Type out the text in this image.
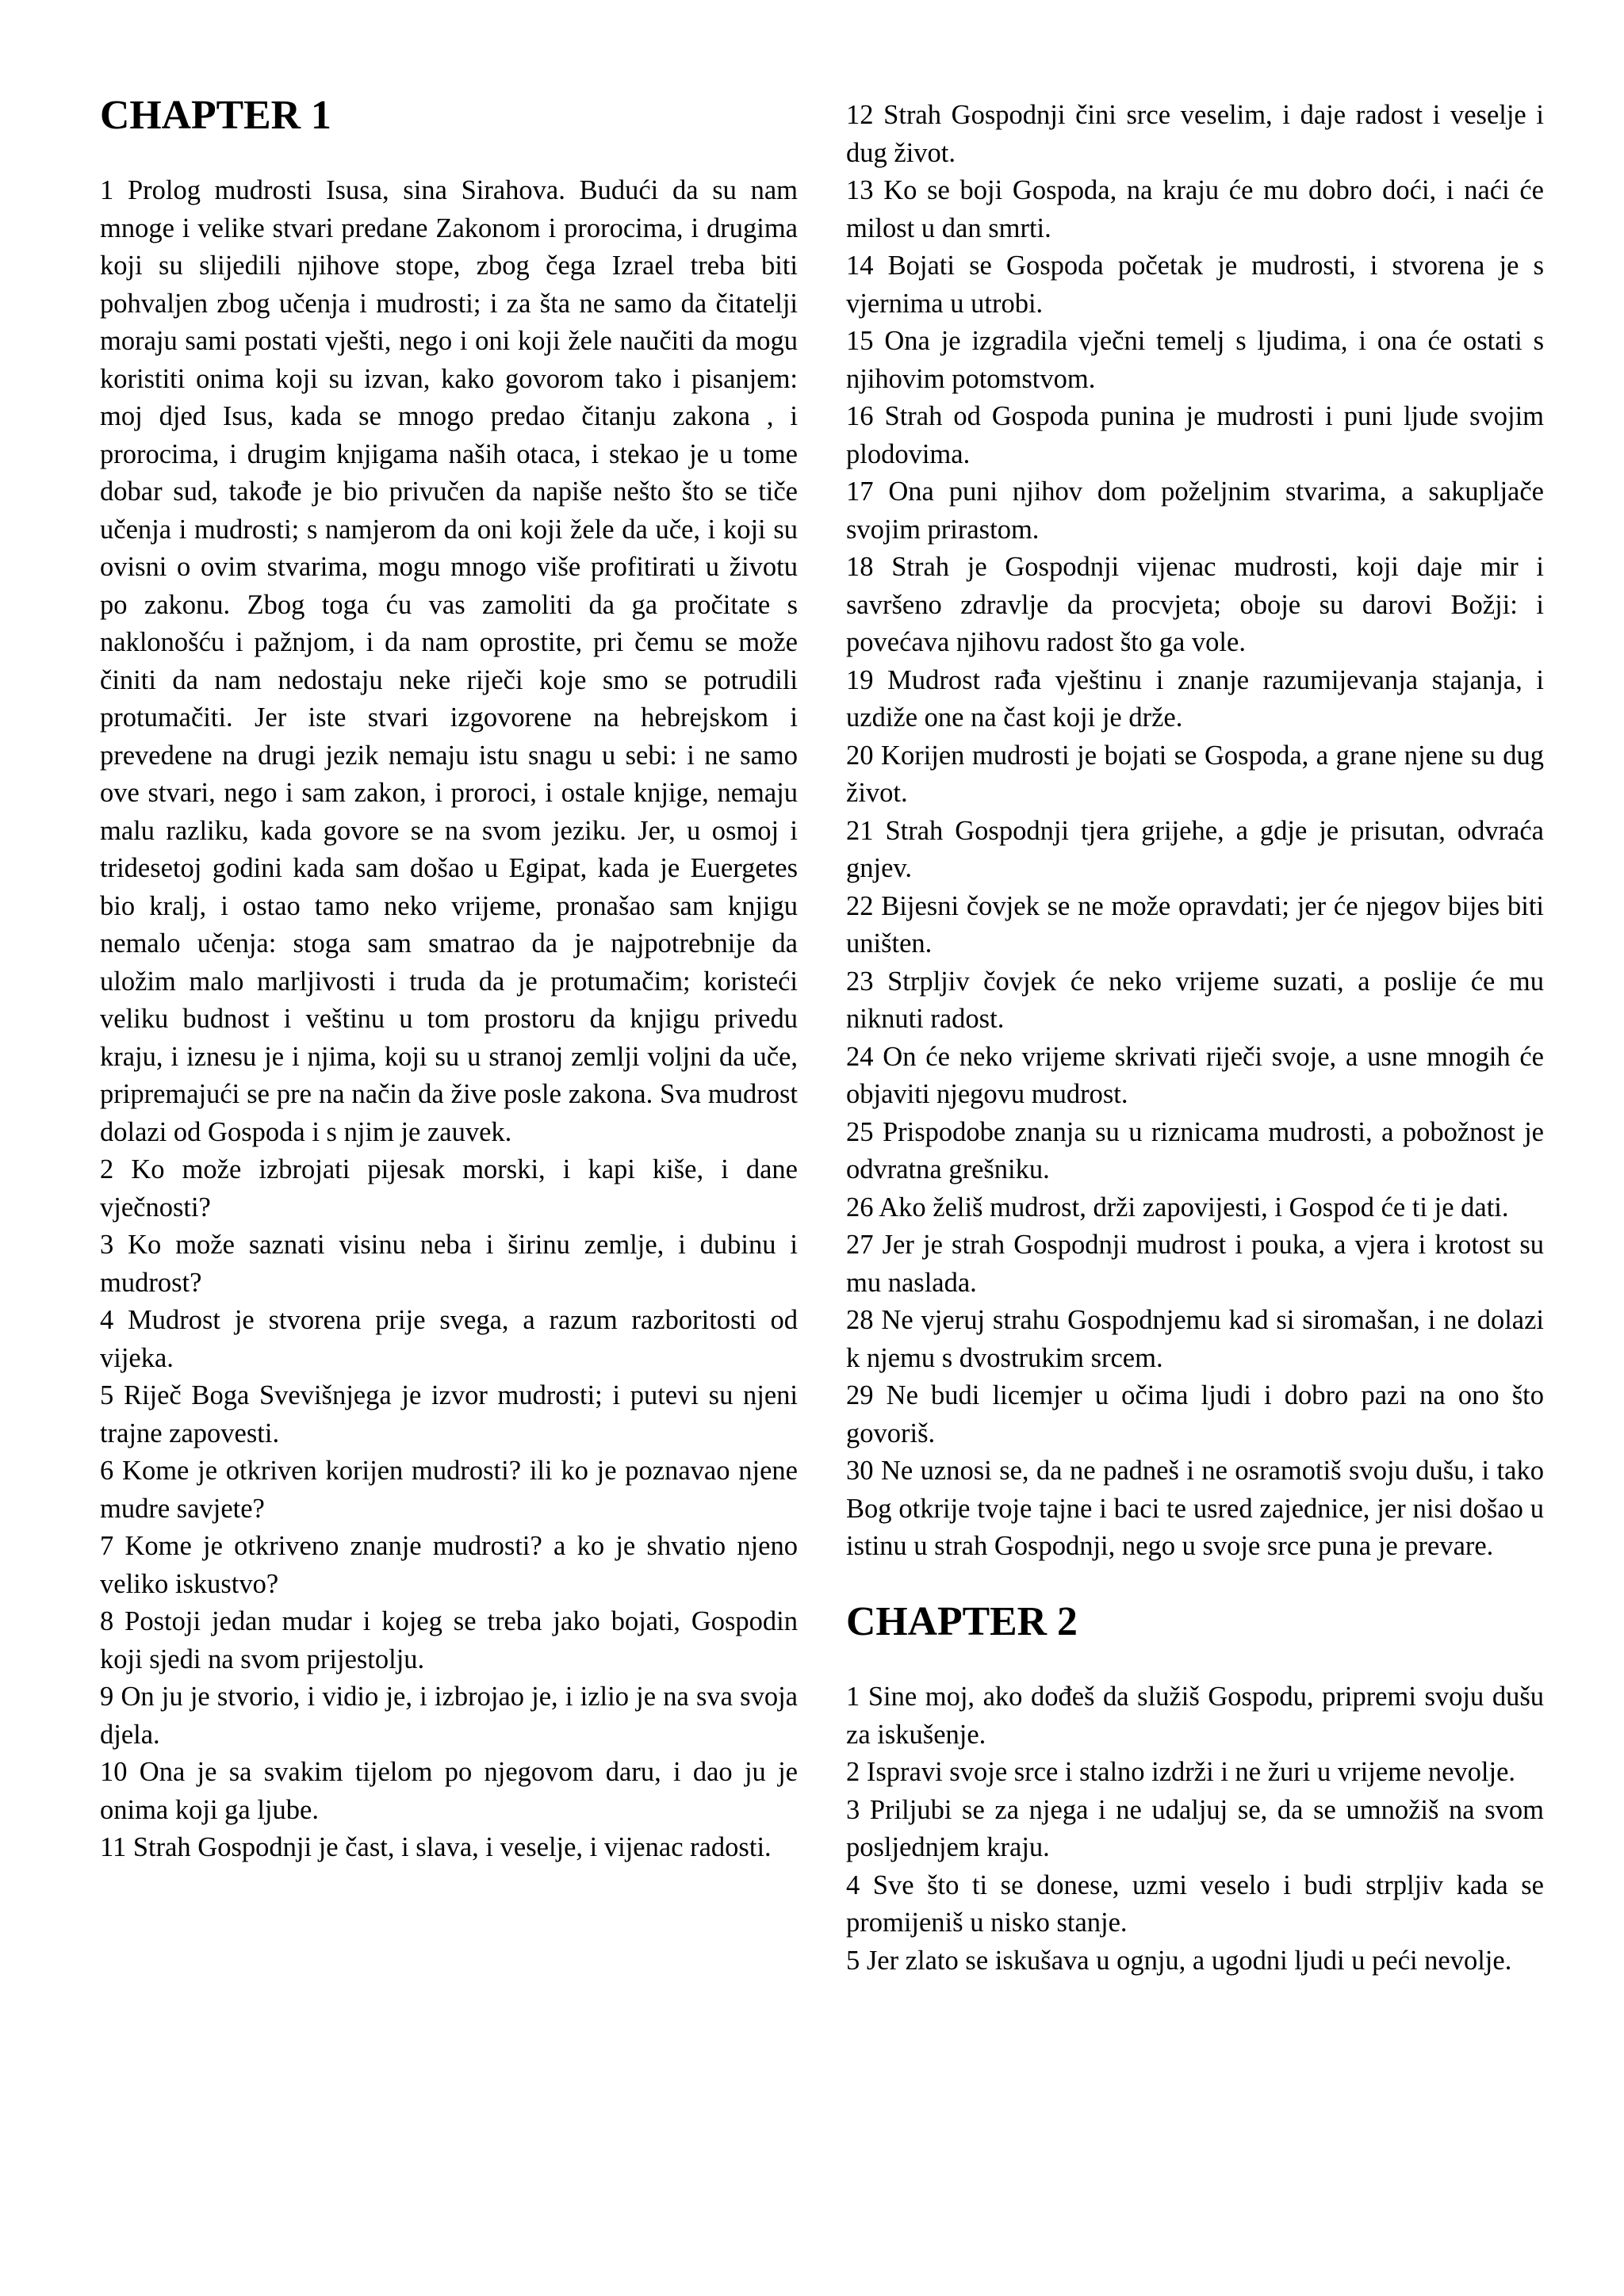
CHAPTER 1

1 Prolog mudrosti Isusa, sina Sirahova. Budući da su nam mnoge i velike stvari predane Zakonom i prorocima, i drugima koji su slijedili njihove stope, zbog čega Izrael treba biti pohvaljen zbog učenja i mudrosti; i za šta ne samo da čitatelji moraju sami postati vješti, nego i oni koji žele naučiti da mogu koristiti onima koji su izvan, kako govorom tako i pisanjem: moj djed Isus, kada se mnogo predao čitanju zakona , i prorocima, i drugim knjigama naših otaca, i stekao je u tome dobar sud, takođe je bio privučen da napiše nešto što se tiče učenja i mudrosti; s namjerom da oni koji žele da uče, i koji su ovisni o ovim stvarima, mogu mnogo više profitirati u životu po zakonu. Zbog toga ću vas zamoliti da ga pročitate s naklonošću i pažnjom, i da nam oprostite, pri čemu se može činiti da nam nedostaju neke riječi koje smo se potrudili protumačiti. Jer iste stvari izgovorene na hebrejskom i prevedene na drugi jezik nemaju istu snagu u sebi: i ne samo ove stvari, nego i sam zakon, i proroci, i ostale knjige, nemaju malu razliku, kada govore se na svom jeziku. Jer, u osmoj i tridesetoj godini kada sam došao u Egipat, kada je Euergetes bio kralj, i ostao tamo neko vrijeme, pronašao sam knjigu nemalo učenja: stoga sam smatrao da je najpotrebnije da uložim malo marljivosti i truda da je protumačim; koristeći veliku budnost i veštinu u tom prostoru da knjigu privedu kraju, i iznesu je i njima, koji su u stranoj zemlji voljni da uče, pripremajući se pre na način da žive posle zakona. Sva mudrost dolazi od Gospoda i s njim je zauvek.

2 Ko može izbrojati pijesak morski, i kapi kiše, i dane vječnosti?

3 Ko može saznati visinu neba i širinu zemlje, i dubinu i mudrost?

4 Mudrost je stvorena prije svega, a razum razboritosti od vijeka.

5 Riječ Boga Svevišnjega je izvor mudrosti; i putevi su njeni trajne zapovesti.

6 Kome je otkriven korijen mudrosti? ili ko je poznavao njene mudre savjete?

7 Kome je otkriveno znanje mudrosti? a ko je shvatio njeno veliko iskustvo?

8 Postoji jedan mudar i kojeg se treba jako bojati, Gospodin koji sjedi na svom prijestolju.

9 On ju je stvorio, i vidio je, i izbrojao je, i izlio je na sva svoja djela.

10 Ona je sa svakim tijelom po njegovom daru, i dao ju je onima koji ga ljube.

11 Strah Gospodnji je čast, i slava, i veselje, i vijenac radosti.

12 Strah Gospodnji čini srce veselim, i daje radost i veselje i dug život.

13 Ko se boji Gospoda, na kraju će mu dobro doći, i naći će milost u dan smrti.

14 Bojati se Gospoda početak je mudrosti, i stvorena je s vjernima u utrobi.

15 Ona je izgradila vječni temelj s ljudima, i ona će ostati s njihovim potomstvom.

16 Strah od Gospoda punina je mudrosti i puni ljude svojim plodovima.

17 Ona puni njihov dom poželjnim stvarima, a sakupljače svojim prirastom.

18 Strah je Gospodnji vijenac mudrosti, koji daje mir i savršeno zdravlje da procvjeta; oboje su darovi Božji: i povećava njihovu radost što ga vole.

19 Mudrost rađa vještinu i znanje razumijevanja stajanja, i uzdiže one na čast koji je drže.

20 Korijen mudrosti je bojati se Gospoda, a grane njene su dug život.

21 Strah Gospodnji tjera grijehe, a gdje je prisutan, odvraća gnjev.

22 Bijesni čovjek se ne može opravdati; jer će njegov bijes biti uništen.

23 Strpljiv čovjek će neko vrijeme suzati, a poslije će mu niknuti radost.

24 On će neko vrijeme skrivati riječi svoje, a usne mnogih će objaviti njegovu mudrost.

25 Prispodobe znanja su u riznicama mudrosti, a pobožnost je odvratna grešniku.

26 Ako želiš mudrost, drži zapovijesti, i Gospod će ti je dati.

27 Jer je strah Gospodnji mudrost i pouka, a vjera i krotost su mu naslada.

28 Ne vjeruj strahu Gospodnjemu kad si siromašan, i ne dolazi k njemu s dvostrukim srcem.

29 Ne budi licemjer u očima ljudi i dobro pazi na ono što govoriš.

30 Ne uznosi se, da ne padneš i ne osramotiš svoju dušu, i tako Bog otkrije tvoje tajne i baci te usred zajednice, jer nisi došao u istinu u strah Gospodnji, nego u svoje srce puna je prevare.

CHAPTER 2

1 Sine moj, ako dođeš da služiš Gospodu, pripremi svoju dušu za iskušenje.

2 Ispravi svoje srce i stalno izdrži i ne žuri u vrijeme nevolje.

3 Priljubi se za njega i ne udaljuj se, da se umnožiš na svom posljednjem kraju.

4 Sve što ti se donese, uzmi veselo i budi strpljiv kada se promijeniš u nisko stanje.

5 Jer zlato se iskušava u ognju, a ugodni ljudi u peći nevolje.
